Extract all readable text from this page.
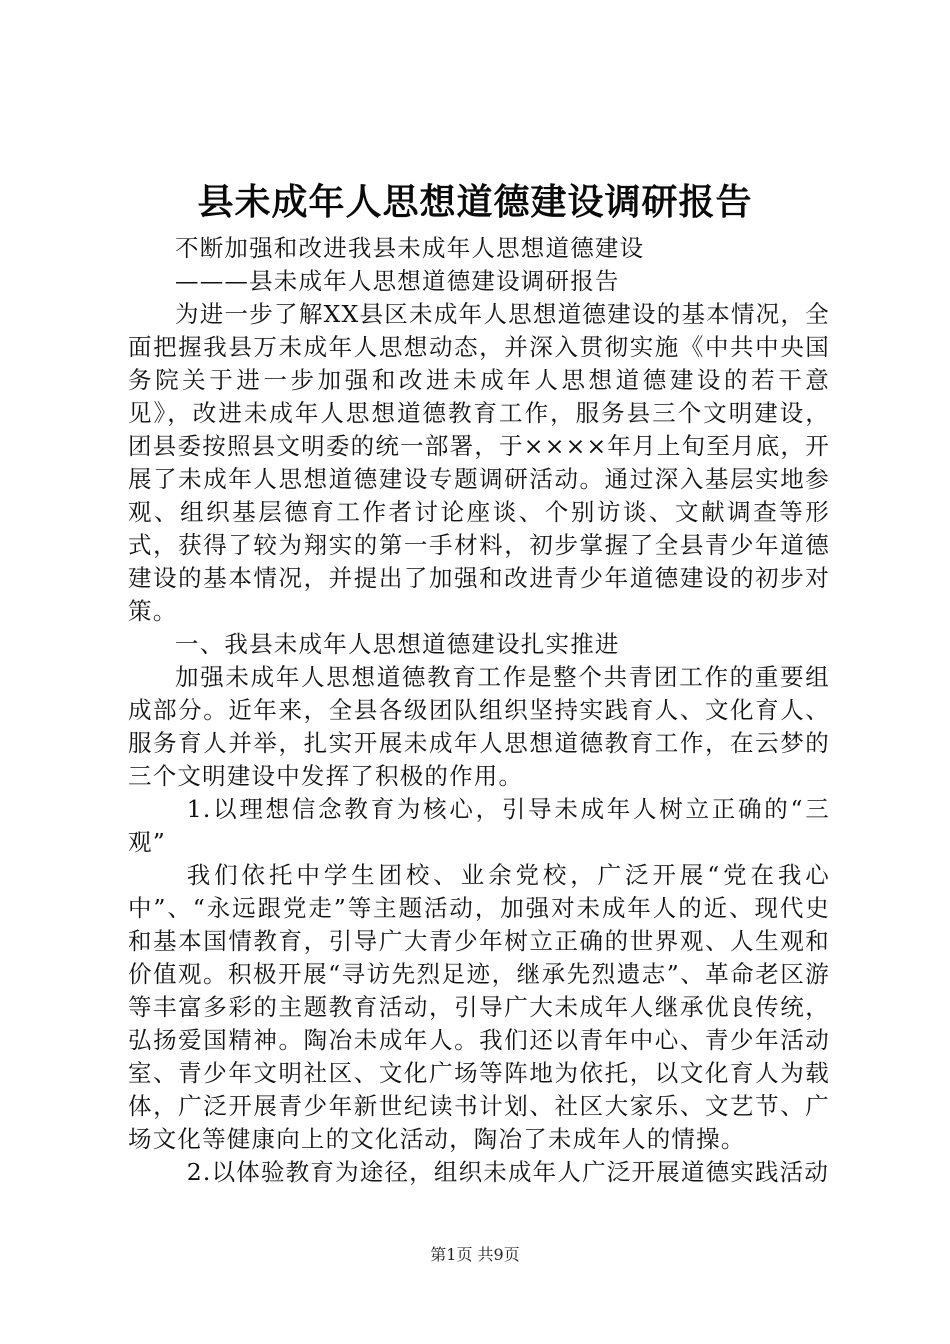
县未成年人思想道德建设调研报告

不断加强和改进我县未成年人思想道德建设

———县未成年人思想道德建设调研报告

为进一步了解XX县区未成年人思想道德建设的基本情况，全面把握我县万未成年人思想动态，并深入贯彻实施《中共中央国务院关于进一步加强和改进未成年人思想道德建设的若干意见》，改进未成年人思想道德教育工作，服务县三个文明建设，团县委按照县文明委的统一部署，于××××年月上旬至月底，开展了未成年人思想道德建设专题调研活动。通过深入基层实地参观、组织基层德育工作者讨论座谈、个别访谈、文献调查等形式，获得了较为翔实的第一手材料，初步掌握了全县青少年道德建设的基本情况，并提出了加强和改进青少年道德建设的初步对策。

一、我县未成年人思想道德建设扎实推进

加强未成年人思想道德教育工作是整个共青团工作的重要组成部分。近年来，全县各级团队组织坚持实践育人、文化育人、服务育人并举，扎实开展未成年人思想道德教育工作，在云梦的三个文明建设中发挥了积极的作用。

1.以理想信念教育为核心，引导未成年人树立正确的“三观”

我们依托中学生团校、业余党校，广泛开展“党在我心中”、“永远跟党走”等主题活动，加强对未成年人的近、现代史和基本国情教育，引导广大青少年树立正确的世界观、人生观和价值观。积极开展“寻访先烈足迹，继承先烈遗志”、革命老区游等丰富多彩的主题教育活动，引导广大未成年人继承优良传统，弘扬爱国精神。陶冶未成年人。我们还以青年中心、青少年活动室、青少年文明社区、文化广场等阵地为依托，以文化育人为载体，广泛开展青少年新世纪读书计划、社区大家乐、文艺节、广场文化等健康向上的文化活动，陶冶了未成年人的情操。

2.以体验教育为途径，组织未成年人广泛开展道德实践活动

第1页 共9页
